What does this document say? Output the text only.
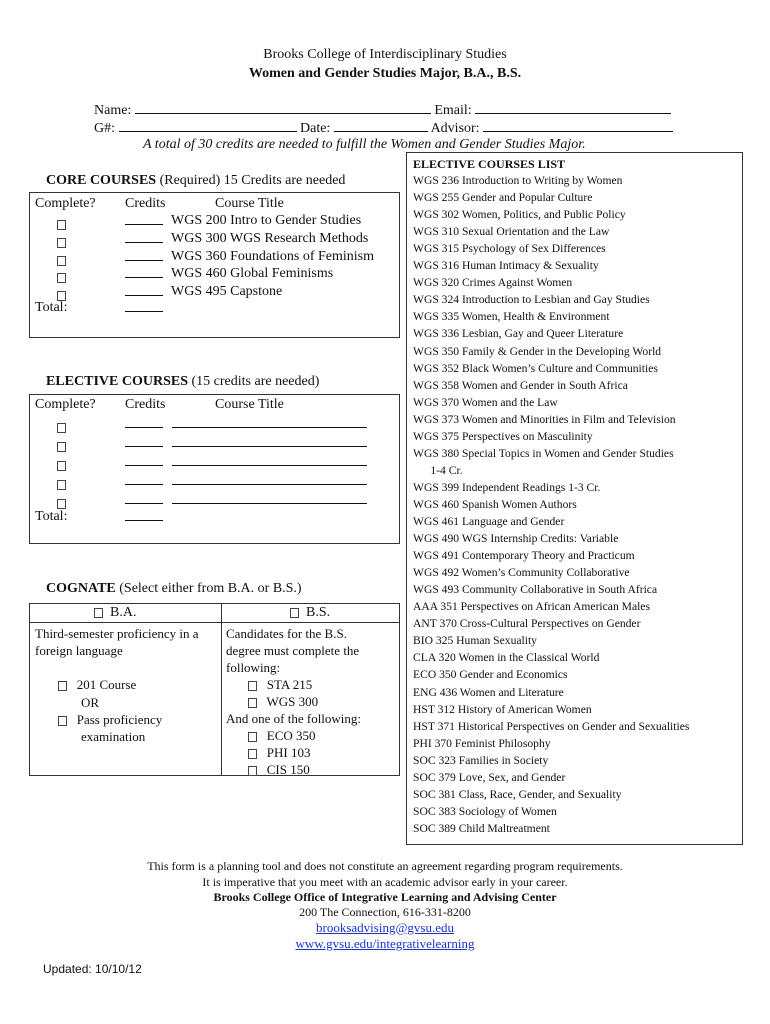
Brooks College of Interdisciplinary Studies
Women and Gender Studies Major, B.A., B.S.
Name:	Email:
G#:	Date:	Advisor:
A total of 30 credits are needed to fulfill the Women and Gender Studies Major.
CORE COURSES (Required) 15 Credits are needed
Complete? Credits	Course Title
WGS 200 Intro to Gender Studies
WGS 300 WGS Research Methods
WGS 360 Foundations of Feminism
WGS 460 Global Feminisms
WGS 495 Capstone
Total:
ELECTIVE COURSES (15 credits are needed)
Complete? Credits	Course Title
Total:
COGNATE (Select either from B.A. or B.S.)
B.A.	B.S.
Third-semester proficiency in a
foreign language
201 Course
OR
Pass proficiency
examination
Candidates for the B.S.
degree must complete the
following:
STA 215
WGS 300
And one of the following:
ECO 350
PHI 103
CIS 150
ELECTIVE COURSES LIST
WGS 236 Introduction to Writing by Women
WGS 255 Gender and Popular Culture
WGS 302 Women, Politics, and Public Policy
WGS 310 Sexual Orientation and the Law
WGS 315 Psychology of Sex Differences
WGS 316 Human Intimacy & Sexuality
WGS 320 Crimes Against Women
WGS 324 Introduction to Lesbian and Gay Studies
WGS 335 Women, Health & Environment
WGS 336 Lesbian, Gay and Queer Literature
WGS 350 Family & Gender in the Developing World
WGS 352 Black Women’s Culture and Communities
WGS 358 Women and Gender in South Africa
WGS 370 Women and the Law
WGS 373 Women and Minorities in Film and Television
WGS 375 Perspectives on Masculinity
WGS 380 Special Topics in Women and Gender Studies
1-4 Cr.
WGS 399 Independent Readings 1-3 Cr.
WGS 460 Spanish Women Authors
WGS 461 Language and Gender
WGS 490 WGS Internship Credits: Variable
WGS 491 Contemporary Theory and Practicum
WGS 492 Women’s Community Collaborative
WGS 493 Community Collaborative in South Africa
AAA 351 Perspectives on African American Males
ANT 370 Cross-Cultural Perspectives on Gender
BIO 325 Human Sexuality
CLA 320 Women in the Classical World
ECO 350 Gender and Economics
ENG 436 Women and Literature
HST 312 History of American Women
HST 371 Historical Perspectives on Gender and Sexualities
PHI 370 Feminist Philosophy
SOC 323 Families in Society
SOC 379 Love, Sex, and Gender
SOC 381 Class, Race, Gender, and Sexuality
SOC 383 Sociology of Women
SOC 389 Child Maltreatment
This form is a planning tool and does not constitute an agreement regarding program requirements.
It is imperative that you meet with an academic advisor early in your career.
Brooks College Office of Integrative Learning and Advising Center
200 The Connection, 616-331-8200
brooksadvising@gvsu.edu
www.gvsu.edu/integrativelearning
Updated: 10/10/12
